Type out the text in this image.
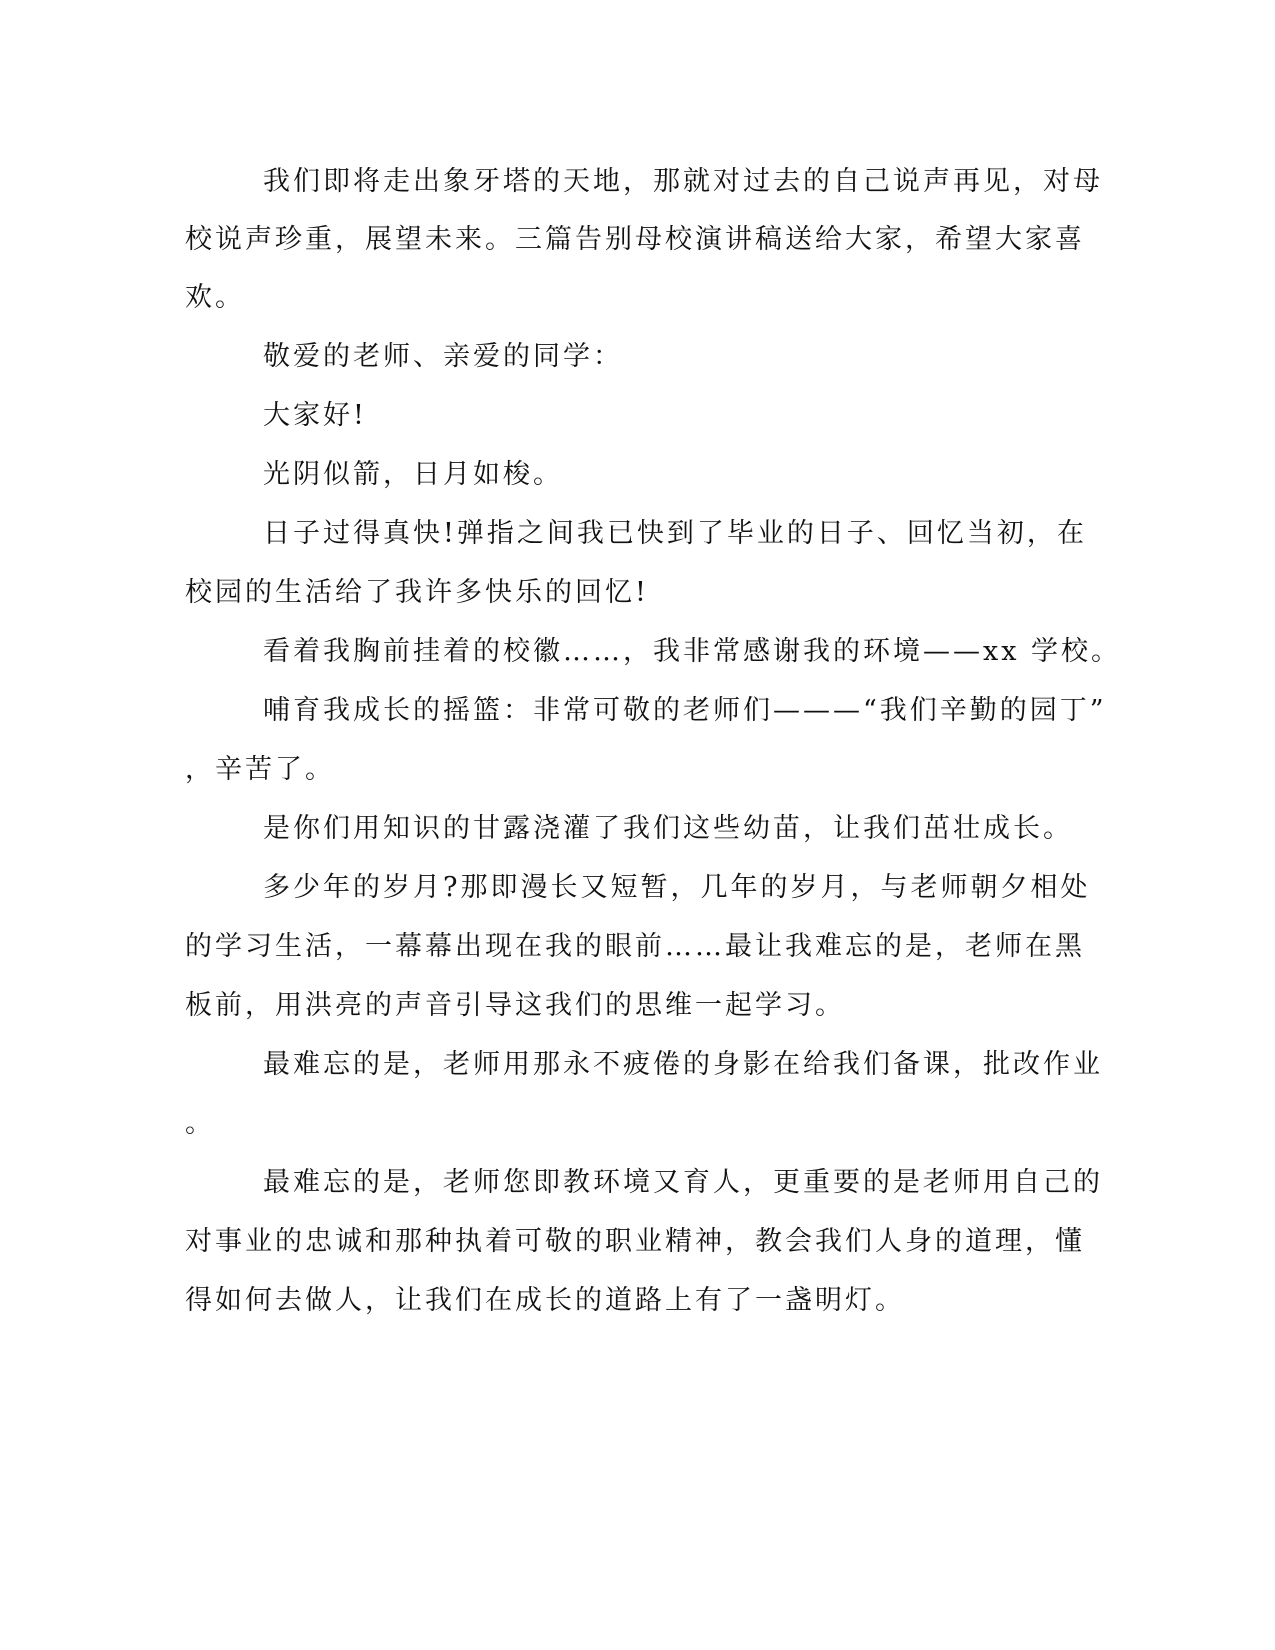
我们即将走出象牙塔的天地，那就对过去的自己说声再见，对母
校说声珍重，展望未来。三篇告别母校演讲稿送给大家，希望大家喜
欢。
敬爱的老师、亲爱的同学：
大家好!
光阴似箭，日月如梭。
日子过得真快!弹指之间我已快到了毕业的日子、回忆当初，在
校园的生活给了我许多快乐的回忆!
看着我胸前挂着的校徽……，我非常感谢我的环境——xx 学校。
哺育我成长的摇篮：非常可敬的老师们———“我们辛勤的园丁”
，辛苦了。
是你们用知识的甘露浇灌了我们这些幼苗，让我们茁壮成长。
多少年的岁月?那即漫长又短暂，几年的岁月，与老师朝夕相处
的学习生活，一幕幕出现在我的眼前……最让我难忘的是，老师在黑
板前，用洪亮的声音引导这我们的思维一起学习。
最难忘的是，老师用那永不疲倦的身影在给我们备课，批改作业
。
最难忘的是，老师您即教环境又育人，更重要的是老师用自己的
对事业的忠诚和那种执着可敬的职业精神，教会我们人身的道理，懂
得如何去做人，让我们在成长的道路上有了一盏明灯。
